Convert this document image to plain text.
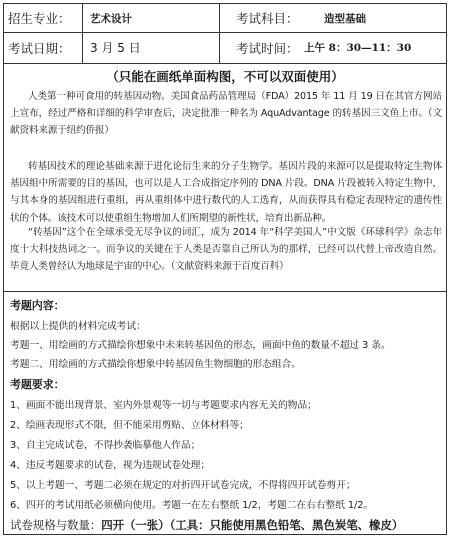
招生专业： 艺术设计	考试科目： 造型基础
考试日期： 3 月 5 日	考试时间： 上午 8：30—11：30
（只能在画纸单面构图，不可以双面使用）
人类第一种可食用的转基因动物。美国食品药品管理局（FDA）2015 年 11 月 19 日在其官方网站上宣布，经过严格和详细的科学审查后，决定批准一种名为 AquAdvantage 的转基因三文鱼上市。（文献资料来源于纽约侨报）
转基因技术的理论基础来源于进化论衍生来的分子生物学。基因片段的来源可以是提取特定生物体基因组中所需要的目的基因，也可以是人工合成指定序列的 DNA 片段。DNA 片段被转入特定生物中，与其本身的基因组进行重组，再从重组体中进行数代的人工选育，从而获得具有稳定表现特定的遗传性状的个体。该技术可以使重组生物增加人们所期望的新性状，培育出新品种。
“转基因”这个在全球承受无尽争议的词汇，成为 2014 年“科学美国人”中文版《环球科学》杂志年度十大科技热词之一。而争议的关键在于人类是否靠自己所认为的那样，已经可以代替上帝改造自然。毕竟人类曾经认为地球是宇宙的中心。（文献资料来源于百度百科）
考题内容：
根据以上提供的材料完成考试：
考题一、用绘画的方式描绘你想象中未来转基因鱼的形态，画面中鱼的数量不超过 3 条。
考题二、用绘画的方式描绘你想象中转基因鱼生物细胞的形态组合。
考题要求：
1、画面不能出现背景、室内外景观等一切与考题要求内容无关的物品；
2、绘画表现形式不限，但不能采用剪贴、立体材料等；
3、自主完成试卷，不得抄袭临摹他人作品；
4、违反考题要求的试卷，视为违规试卷处理；
5、以上考题一、考题二必须在规定的对折四开试卷完成，不得将四开试卷剪开；
6、四开的考试用纸必须横向使用。考题一在左右整纸 1/2，考题二在右右整纸 1/2。
试卷规格与数量：四开（一张）（工具：只能使用黑色铅笔、黑色炭笔、橡皮）
